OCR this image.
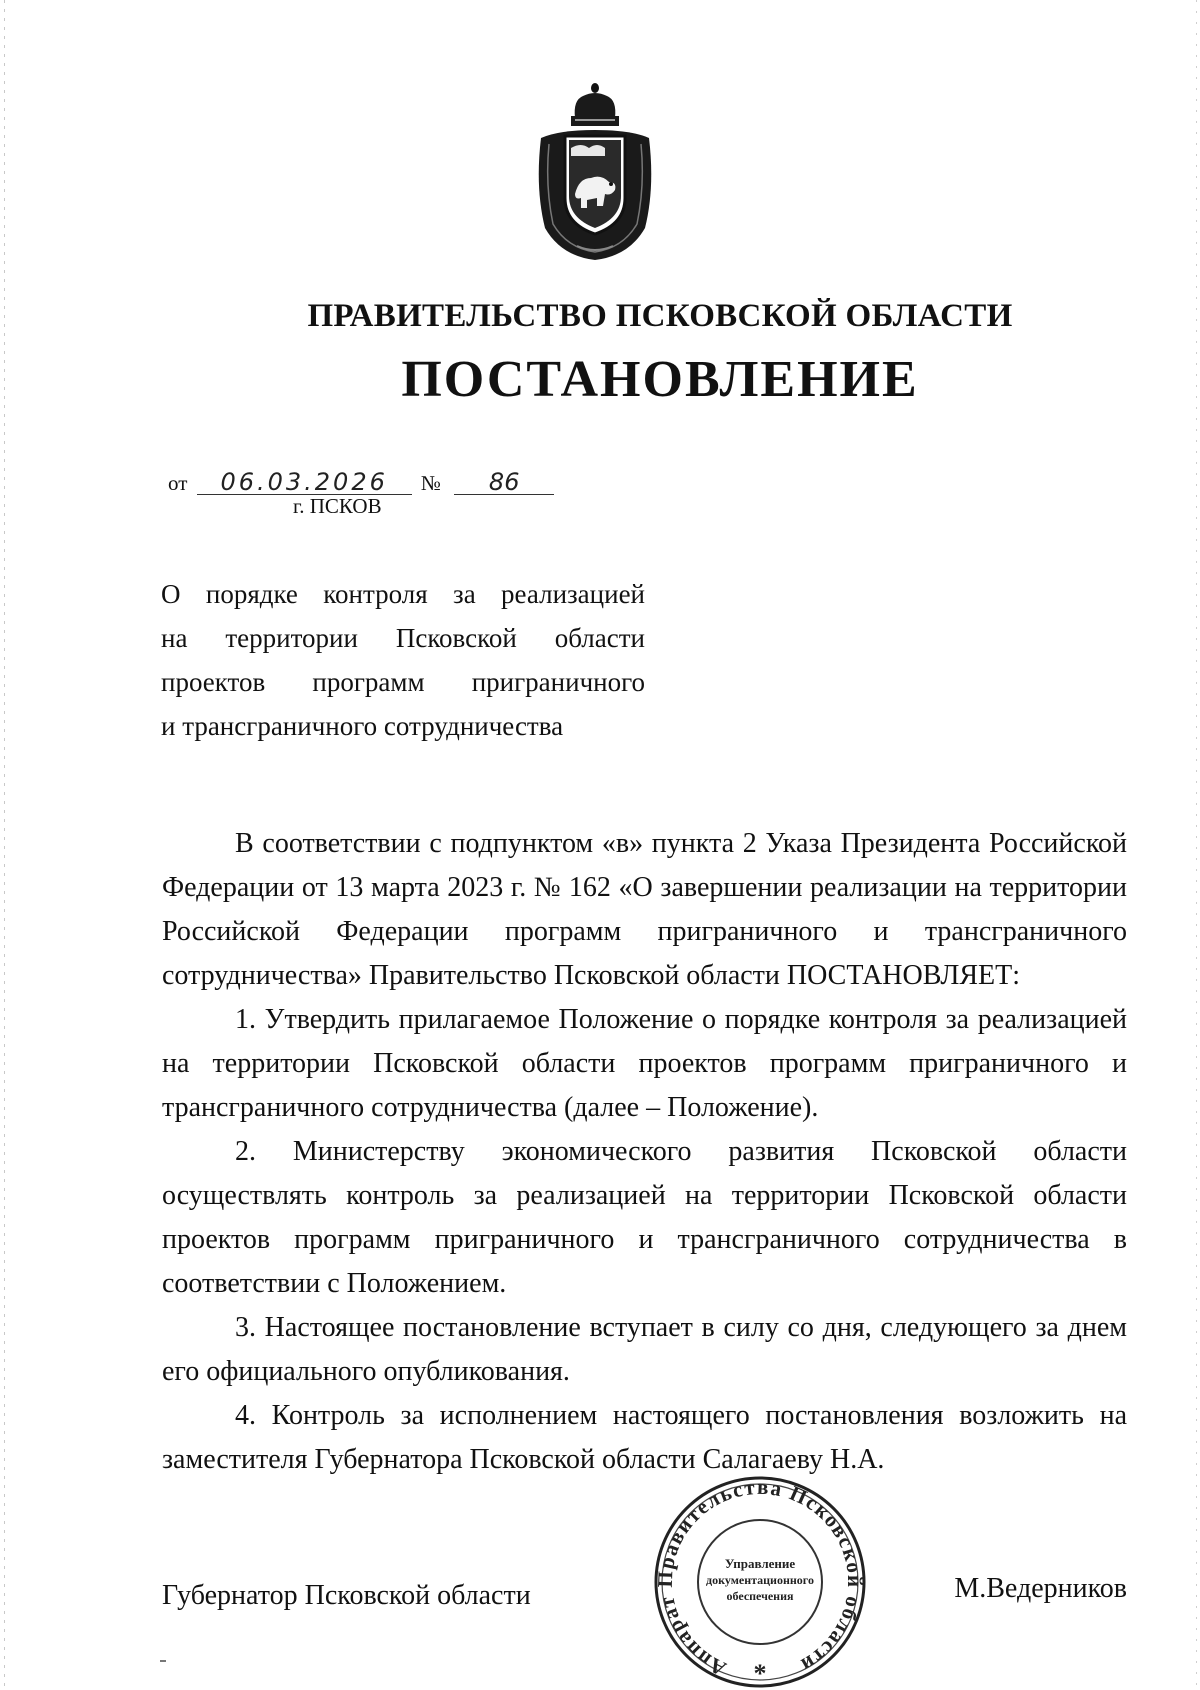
ПРАВИТЕЛЬСТВО ПСКОВСКОЙ ОБЛАСТИ
ПОСТАНОВЛЕНИЕ
от 06.03.2026 № 86
г. ПСКОВ
О порядке контроля за реализацией
на территории Псковской области
проектов программ приграничного
и трансграничного сотрудничества

В соответствии с подпунктом «в» пункта 2 Указа Президента Российской Федерации от 13 марта 2023 г. № 162 «О завершении реализации на территории Российской Федерации программ приграничного и трансграничного сотрудничества» Правительство Псковской области ПОСТАНОВЛЯЕТ:

1. Утвердить прилагаемое Положение о порядке контроля за реализацией на территории Псковской области проектов программ приграничного и трансграничного сотрудничества (далее – Положение).

2. Министерству экономического развития Псковской области осуществлять контроль за реализацией на территории Псковской области проектов программ приграничного и трансграничного сотрудничества в соответствии с Положением.

3. Настоящее постановление вступает в силу со дня, следующего за днем его официального опубликования.

4. Контроль за исполнением настоящего постановления возложить на заместителя Губернатора Псковской области Салагаеву Н.А.

Аппарат Правительства Псковской области
Управление
документационного
обеспечения
*
Губернатор Псковской области	М.Ведерников
